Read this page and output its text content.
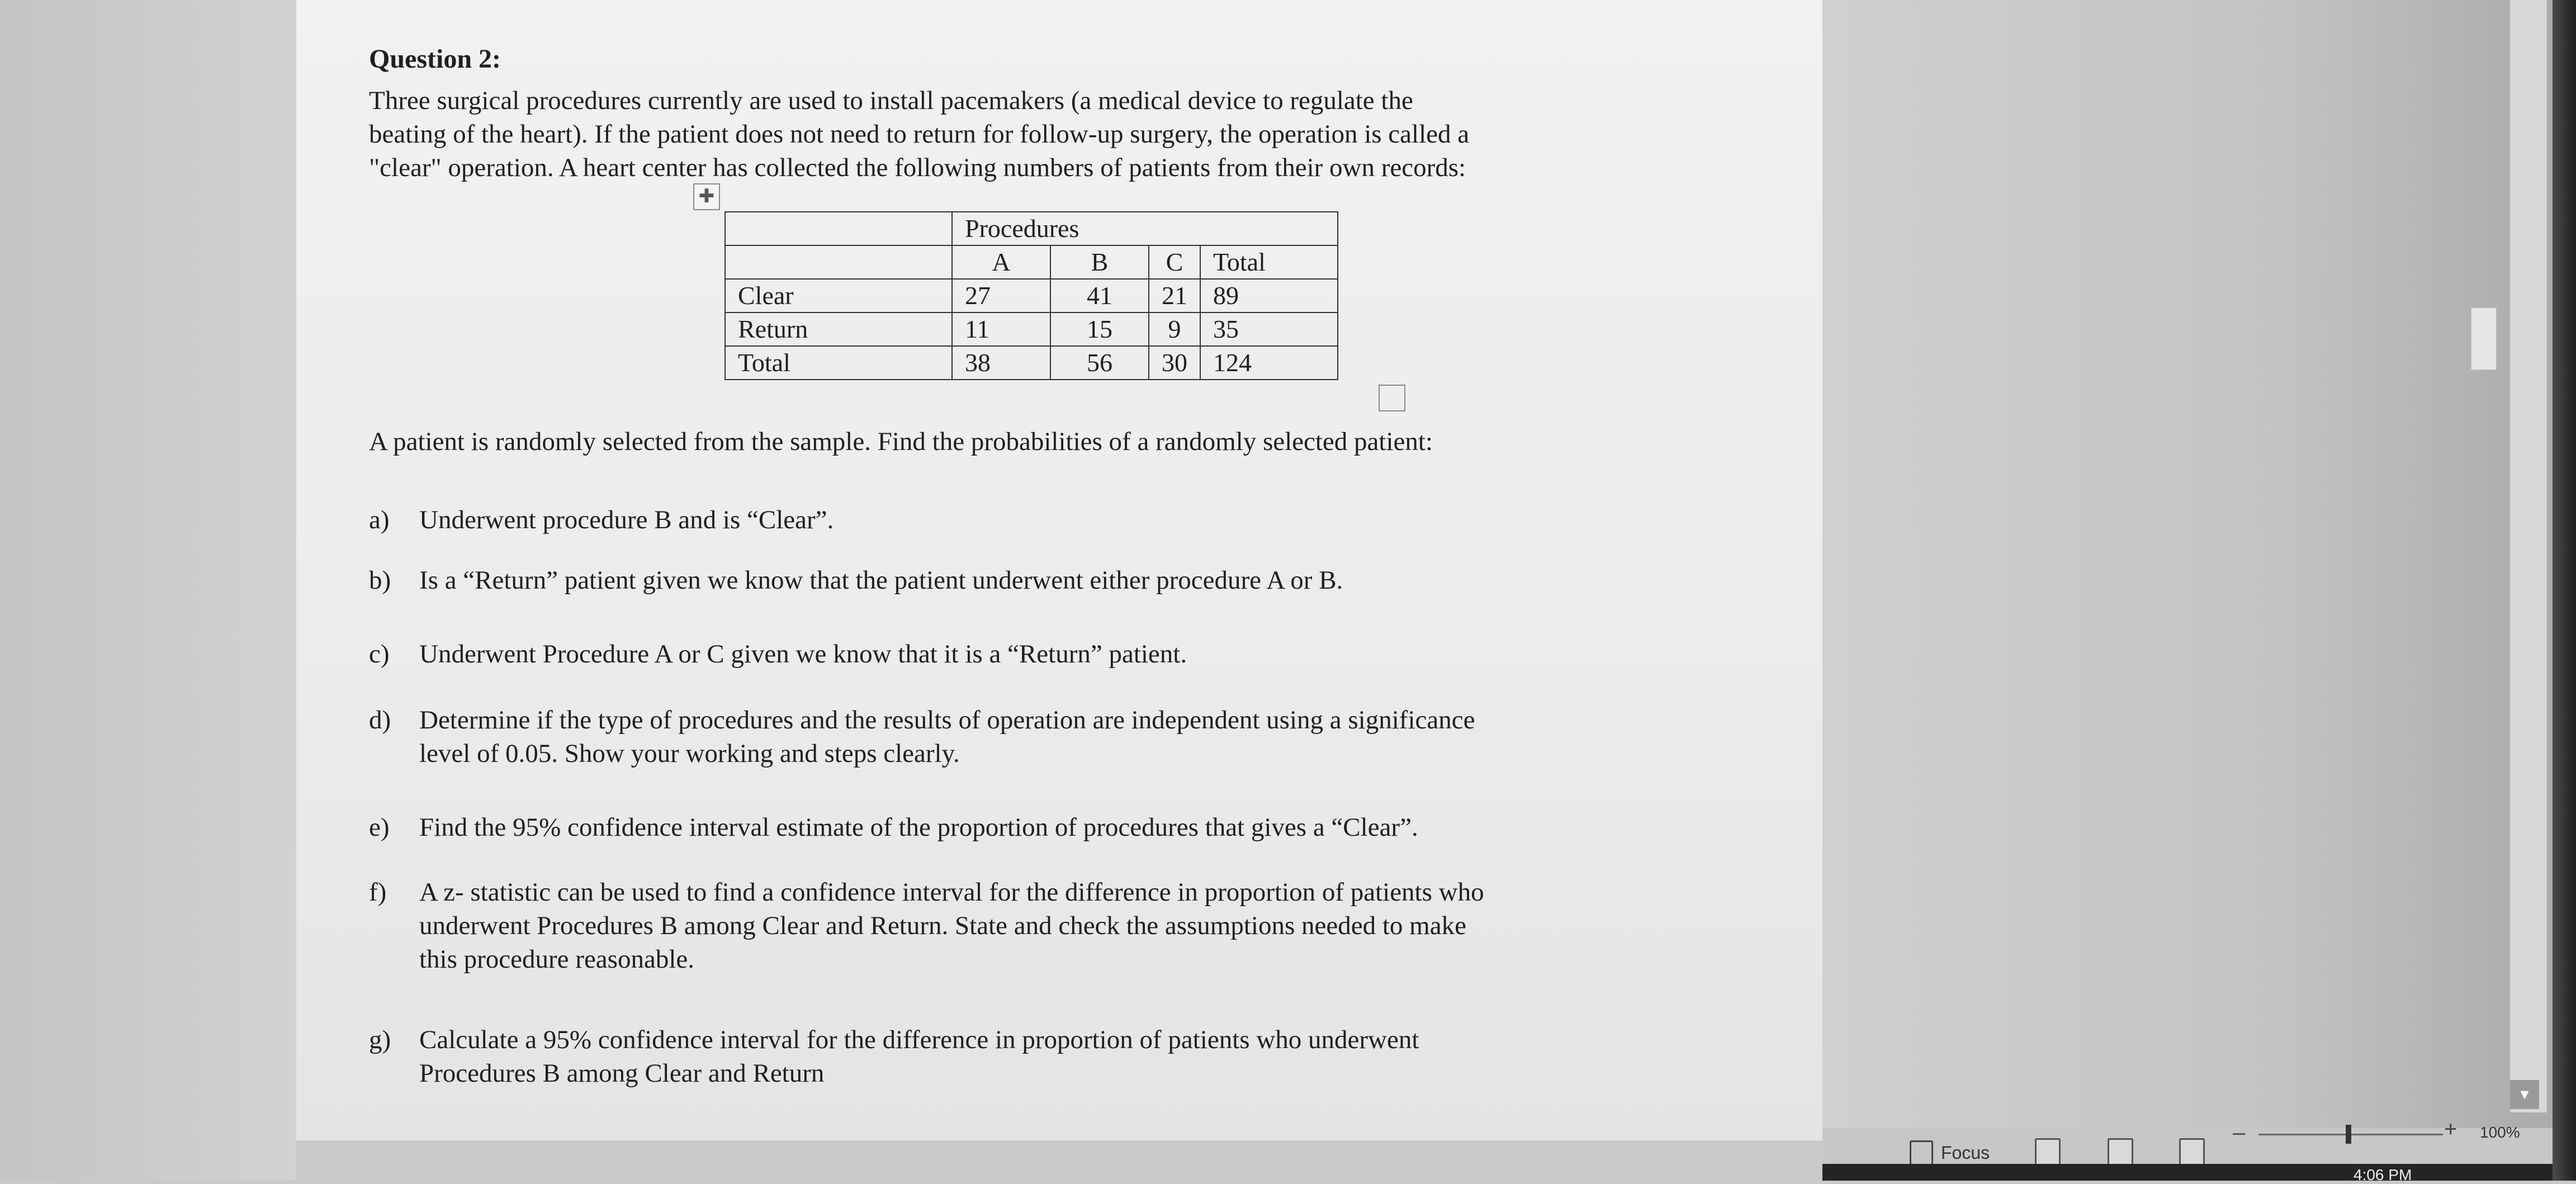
▾
Question 2:
Three surgical procedures currently are used to install pacemakers (a medical device to regulate the
beating of the heart). If the patient does not need to return for follow-up surgery, the operation is called a
"clear" operation. A heart center has collected the following numbers of patients from their own records:
✚
	Procedures			
	A	B	C	Total
Clear	27	41	21	89
Return	11	15	9	35
Total	38	56	30	124
A patient is randomly selected from the sample. Find the probabilities of a randomly selected patient:
a) Underwent procedure B and is “Clear”.
b) Is a “Return” patient given we know that the patient underwent either procedure A or B.
c) Underwent Procedure A or C given we know that it is a “Return” patient.
d) Determine if the type of procedures and the results of operation are independent using a significance
level of 0.05. Show your working and steps clearly.
e) Find the 95% confidence interval estimate of the proportion of procedures that gives a “Clear”.
f) A z- statistic can be used to find a confidence interval for the difference in proportion of patients who
underwent Procedures B among Clear and Return. State and check the assumptions needed to make
this procedure reasonable.
g) Calculate a 95% confidence interval for the difference in proportion of patients who underwent
Procedures B among Clear and Return
Focus
–	+ 100%
4:06 PM
